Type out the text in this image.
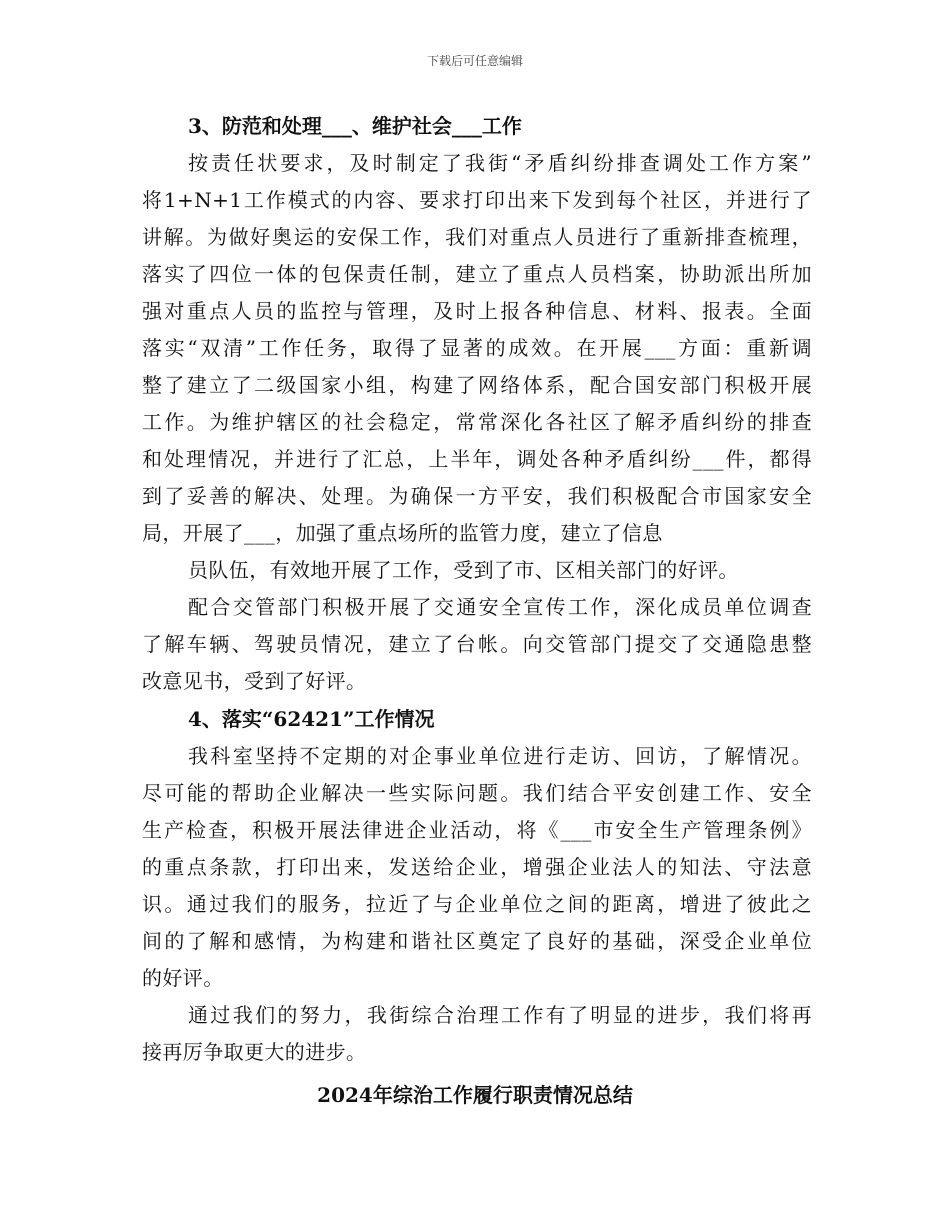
下载后可任意编辑
3、防范和处理___、维护社会___工作

按责任状要求，及时制定了我街“矛盾纠纷排查调处工作方案”
将1+N+1工作模式的内容、要求打印出来下发到每个社区，并进行了
讲解。为做好奥运的安保工作，我们对重点人员进行了重新排查梳理，
落实了四位一体的包保责任制，建立了重点人员档案，协助派出所加
强对重点人员的监控与管理，及时上报各种信息、材料、报表。全面
落实“双清”工作任务，取得了显著的成效。在开展___方面：重新调
整了建立了二级国家小组，构建了网络体系，配合国安部门积极开展
工作。为维护辖区的社会稳定，常常深化各社区了解矛盾纠纷的排查
和处理情况，并进行了汇总，上半年，调处各种矛盾纠纷___件，都得
到了妥善的解决、处理。为确保一方平安，我们积极配合市国家安全
局，开展了___，加强了重点场所的监管力度，建立了信息

员队伍，有效地开展了工作，受到了市、区相关部门的好评。

配合交管部门积极开展了交通安全宣传工作，深化成员单位调查
了解车辆、驾驶员情况，建立了台帐。向交管部门提交了交通隐患整
改意见书，受到了好评。

4、落实“62421”工作情况

我科室坚持不定期的对企事业单位进行走访、回访，了解情况。
尽可能的帮助企业解决一些实际问题。我们结合平安创建工作、安全
生产检查，积极开展法律进企业活动，将《___市安全生产管理条例》
的重点条款，打印出来，发送给企业，增强企业法人的知法、守法意
识。通过我们的服务，拉近了与企业单位之间的距离，增进了彼此之
间的了解和感情，为构建和谐社区奠定了良好的基础，深受企业单位
的好评。

通过我们的努力，我街综合治理工作有了明显的进步，我们将再
接再厉争取更大的进步。

2024年综治工作履行职责情况总结
